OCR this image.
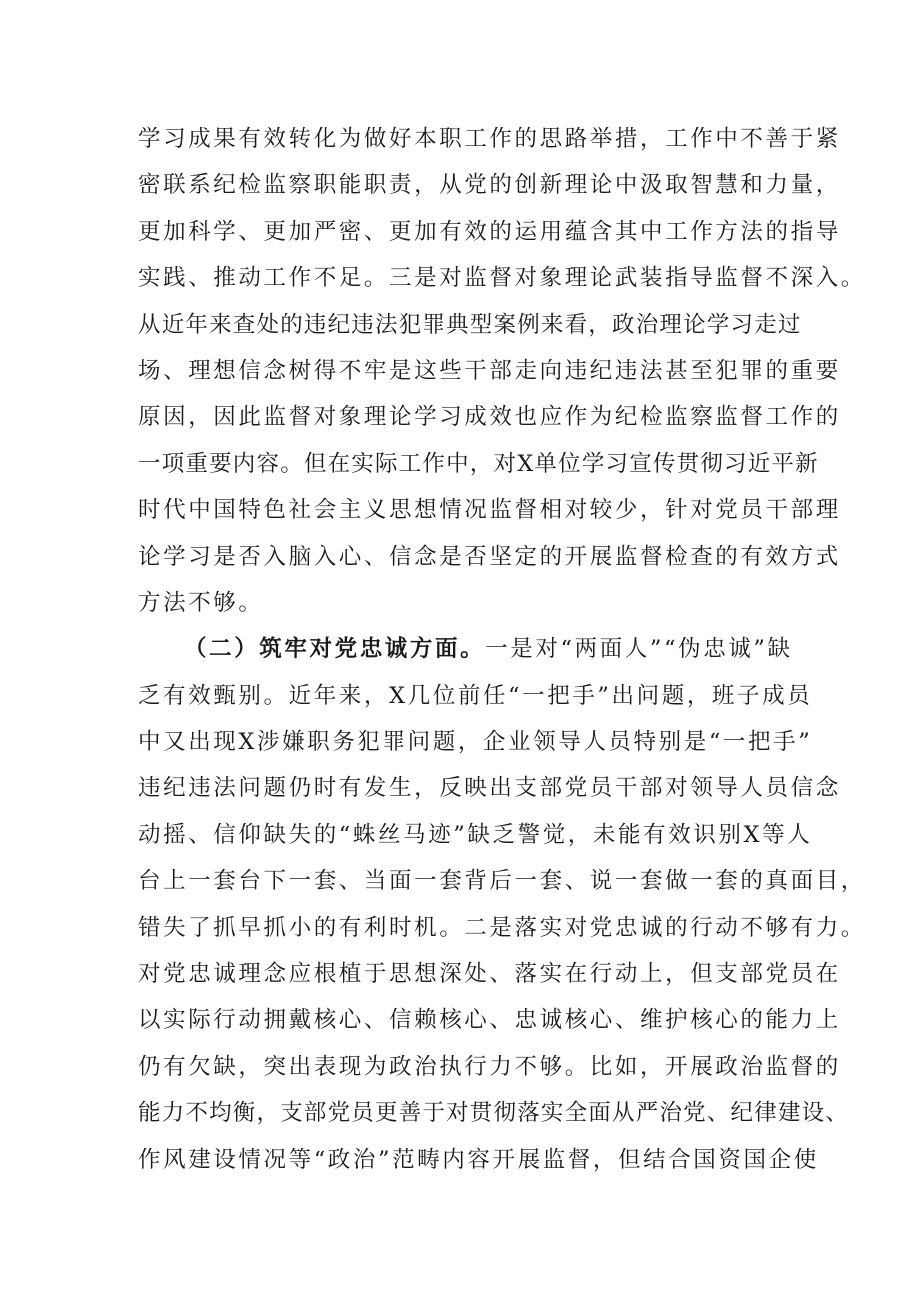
学习成果有效转化为做好本职工作的思路举措，工作中不善于紧
密联系纪检监察职能职责，从党的创新理论中汲取智慧和力量，
更加科学、更加严密、更加有效的运用蕴含其中工作方法的指导
实践、推动工作不足。三是对监督对象理论武装指导监督不深入。
从近年来查处的违纪违法犯罪典型案例来看，政治理论学习走过
场、理想信念树得不牢是这些干部走向违纪违法甚至犯罪的重要
原因，因此监督对象理论学习成效也应作为纪检监察监督工作的
一项重要内容。但在实际工作中，对X单位学习宣传贯彻习近平新
时代中国特色社会主义思想情况监督相对较少，针对党员干部理
论学习是否入脑入心、信念是否坚定的开展监督检查的有效方式
方法不够。
（二）筑牢对党忠诚方面。一是对“两面人”“伪忠诚”缺
乏有效甄别。近年来，X几位前任“一把手”出问题，班子成员
中又出现X涉嫌职务犯罪问题，企业领导人员特别是“一把手”
违纪违法问题仍时有发生，反映出支部党员干部对领导人员信念
动摇、信仰缺失的“蛛丝马迹”缺乏警觉，未能有效识别X等人
台上一套台下一套、当面一套背后一套、说一套做一套的真面目，
错失了抓早抓小的有利时机。二是落实对党忠诚的行动不够有力。
对党忠诚理念应根植于思想深处、落实在行动上，但支部党员在
以实际行动拥戴核心、信赖核心、忠诚核心、维护核心的能力上
仍有欠缺，突出表现为政治执行力不够。比如，开展政治监督的
能力不均衡，支部党员更善于对贯彻落实全面从严治党、纪律建设、
作风建设情况等“政治”范畴内容开展监督，但结合国资国企使
